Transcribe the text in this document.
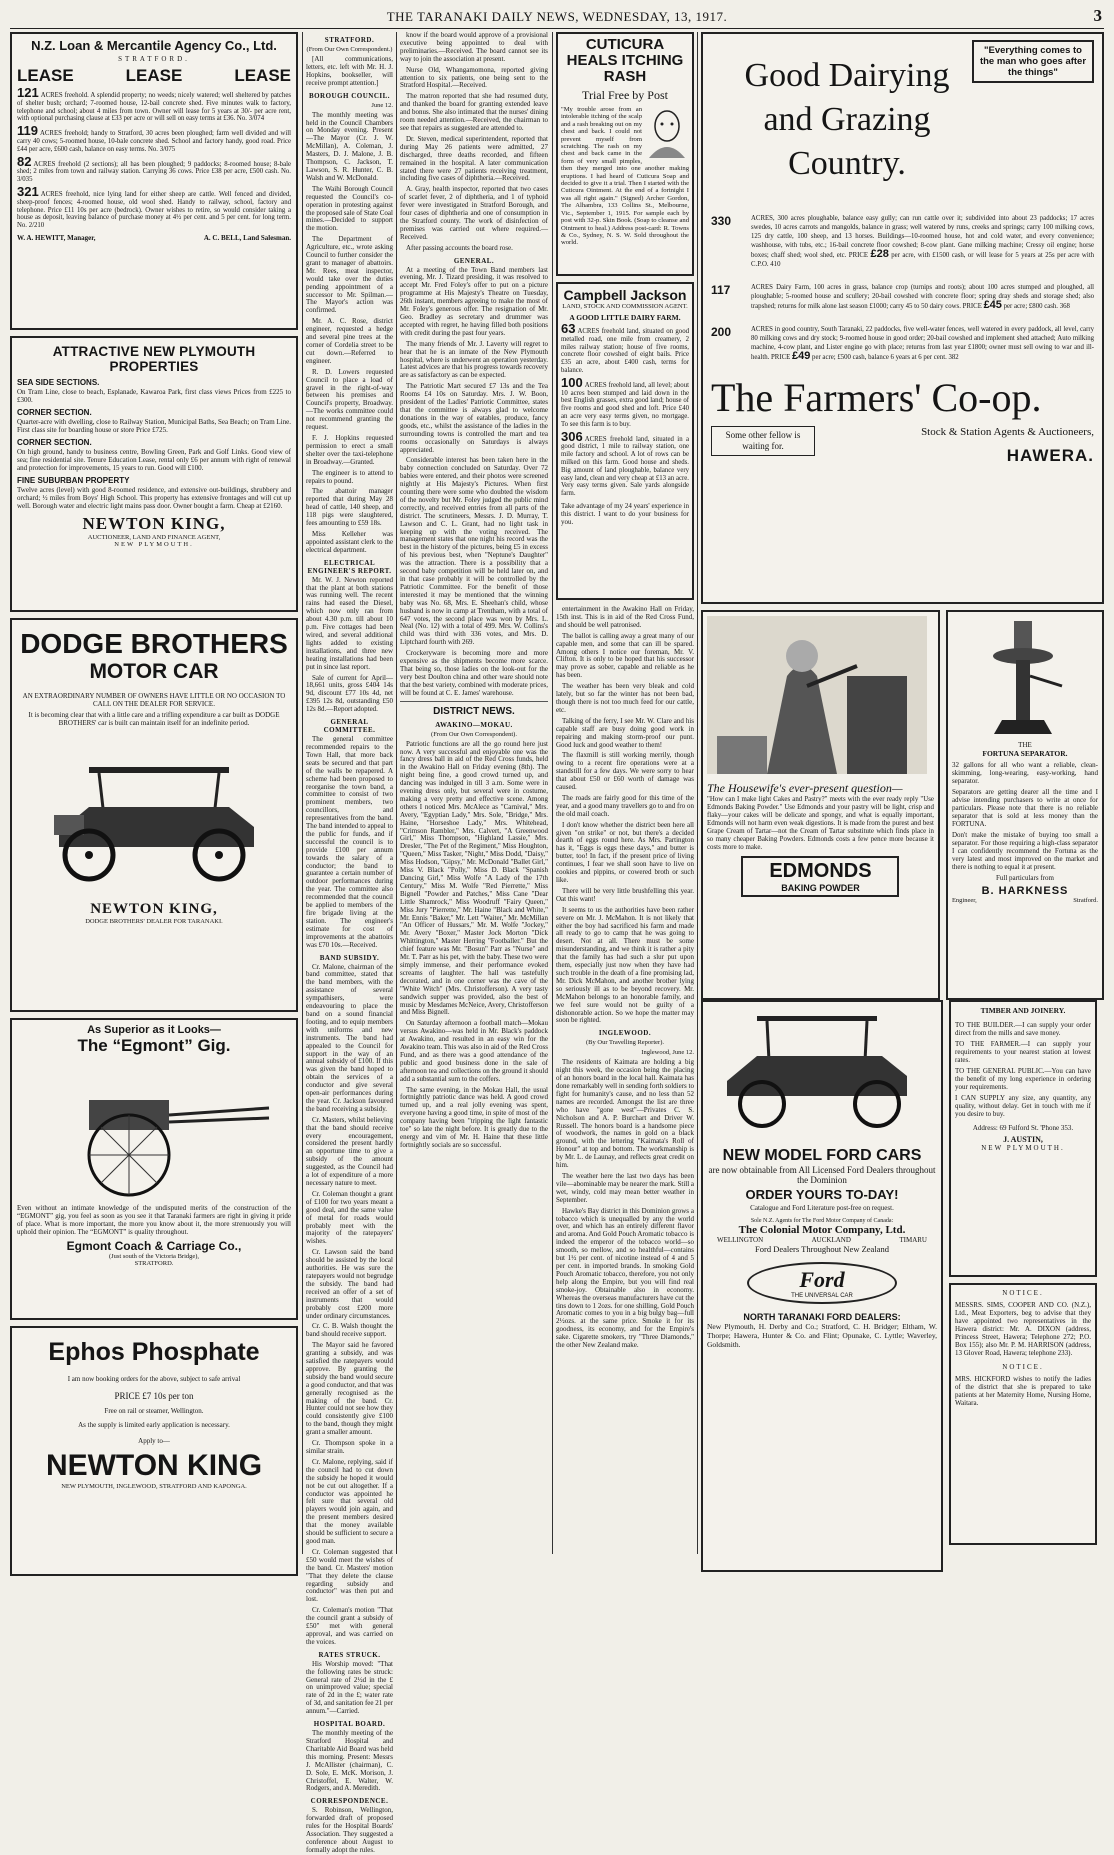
THE TARANAKI DAILY NEWS, WEDNESDAY, 13, 1917.	3
N.Z. Loan & Mercantile Agency Co., Ltd.
STRATFORD.
LEASE	LEASE	LEASE

121 ACRES freehold. A splendid property; no weeds; nicely watered; well sheltered by patches of shelter bush; orchard; 7-roomed house, 12-bail concrete shed. Five minutes walk to factory, telephone and school; about 4 miles from town. Owner will lease for 5 years at 30/- per acre rent, with optional purchasing clause at £33 per acre or will sell on easy terms at £36. No. 3/074

119 ACRES freehold; handy to Stratford, 30 acres been ploughed; farm well divided and will carry 40 cows; 5-roomed house, 10-bale concrete shed. School and factory handy, good road. Price £44 per acre, £600 cash, balance on easy terms. No. 3/075

82 ACRES freehold (2 sections); all has been ploughed; 9 paddocks; 8-roomed house; 8-bale shed; 2 miles from town and railway station. Carrying 36 cows. Price £38 per acre, £500 cash. No. 3/035

321 ACRES freehold, nice lying land for either sheep are cattle. Well fenced and divided, sheep-proof fences; 4-roomed house, old wool shed. Handy to railway, school, factory and telephone. Price £11 10s per acre (bedrock). Owner wishes to retire, so would consider taking a house as deposit, leaving balance of purchase money at 4½ per cent. and 5 per cent. for long term. No. 2/210

W. A. HEWITT, Manager,	A. C. BELL, Land Salesman.
ATTRACTIVE NEW PLYMOUTH PROPERTIES
SEA SIDE SECTIONS.

On Tram Line, close to beach, Esplanade, Kawaroa Park, first class views Prices from £225 to £300.

CORNER SECTION.

Quarter-acre with dwelling, close to Railway Station, Municipal Baths, Sea Beach; on Tram Line. First class site for boarding house or store Price £725.

CORNER SECTION.

On high ground, handy to business centre, Bowling Green, Park and Golf Links. Good view of sea; fine residential site. Tenure Education Lease, rental only £6 per annum with right of renewal and protection for improvements, 15 years to run. Good will £100.

FINE SUBURBAN PROPERTY

Twelve acres (level) with good 8-roomed residence, and extensive out-buildings, shrubbery and orchard; ½ miles from Boys' High School. This property has extensive frontages and will cut up well. Borough water and electric light mains pass door. Owner bought a farm. Cheap at £2160.

NEWTON KING,
AUCTIONEER, LAND AND FINANCE AGENT,
NEW PLYMOUTH.
DODGE BROTHERS
MOTOR CAR

AN EXTRAORDINARY NUMBER OF OWNERS HAVE LITTLE OR NO OCCASION TO CALL ON THE DEALER FOR SERVICE.

It is becoming clear that with a little care and a trifling expenditure a car built as DODGE BROTHERS' car is built can maintain itself for an indefinite period.

NEWTON KING,
DODGE BROTHERS' DEALER FOR TARANAKI.
As Superior as it Looks—
The “Egmont” Gig.

Even without an intimate knowledge of the undisputed merits of the construction of the “EGMONT” gig, you feel as soon as you see it that Taranaki farmers are right in giving it pride of place. What is more important, the more you know about it, the more strenuously you will uphold their opinion. The “EGMONT” is quality throughout.

Egmont Coach & Carriage Co.,
(Just south of the Victoria Bridge),
STRATFORD.
Ephos Phosphate

I am now booking orders for the above, subject to safe arrival

PRICE £7 10s per ton

Free on rail or steamer, Wellington.

As the supply is limited early application is necessary.

Apply to—

NEWTON KING
NEW PLYMOUTH, INGLEWOOD, STRATFORD AND KAPONGA.
STRATFORD.
(From Our Own Correspondent.)

[All communications, letters, etc. left with Mr. H. J. Hopkins, bookseller, will receive prompt attention.]

BOROUGH COUNCIL.
June 12.

The monthly meeting was held in the Council Chambers on Monday evening. Present—The Mayor (Cr. J. W. McMillan), A. Coleman, J. Masters, D. J. Malone, J. B. Thompson, C. Jackson, T. Lawson, S. R. Hunter, C. B. Walsh and W. McDonald.

The Waihi Borough Council requested the Council's co-operation in protesting against the proposed sale of State Coal mines.—Decided to support the motion.

The Department of Agriculture, etc., wrote asking Council to further consider the grant to manager of abattoirs. Mr. Rees, meat inspector, would take over the duties pending appointment of a successor to Mr. Spilman.—The Mayor's action was confirmed.

Mr. A. C. Rose, district engineer, requested a hedge and several pine trees at the corner of Cordelia street to be cut down.—Referred to engineer.

R. D. Lowers requested Council to place a load of gravel in the right-of-way between his premises and Council's property, Broadway.—The works committee could not recommend granting the request.

F. J. Hopkins requested permission to erect a small shelter over the taxi-telephone in Broadway.—Granted.

The engineer is to attend to repairs to pound.

The abattoir manager reported that during May 28 head of cattle, 140 sheep, and 118 pigs were slaughtered, fees amounting to £59 18s.

Miss Kelleher was appointed assistant clerk to the electrical department.

ELECTRICAL ENGINEER'S REPORT.

Mr. W. J. Newton reported that the plant at both stations was running well. The recent rains had eased the Diesel, which now only ran from about 4.30 p.m. till about 10 p.m. Five cottages had been wired, and several additional lights added to existing installations, and three new heating installations had been put in since last report.

Sale of current for April—18,661 units, gross £404 14s 9d, discount £77 10s 4d, net £395 12s 8d, outstanding £50 12s 8d.—Report adopted.

GENERAL COMMITTEE.

The general committee recommended repairs to the Town Hall, that more back seats be secured and that part of the walls be repapered. A scheme had been proposed to reorganise the town band, a committee to consist of two prominent members, two councillors, and representatives from the band. The band intended to appeal to the public for funds, and if successful the council is to provide £100 per annum towards the salary of a conductor; the band to guarantee a certain number of outdoor performances during the year. The committee also recommended that the council be applied to members of the fire brigade living at the station. The engineer's estimate for cost of improvements at the abattoirs was £70 10s.—Received.

BAND SUBSIDY.

Cr. Malone, chairman of the band committee, stated that the band members, with the assistance of several sympathisers, were endeavouring to place the band on a sound financial footing, and to equip members with uniforms and new instruments. The band had appealed to the Council for support in the way of an annual subsidy of £100. If this was given the band hoped to obtain the services of a conductor and give several open-air performances during the year. Cr. Jackson favoured the band receiving a subsidy.

Cr. Masters, whilst believing that the band should receive every encouragement, considered the present hardly an opportune time to give a subsidy of the amount suggested, as the Council had a lot of expenditure of a more necessary nature to meet.

Cr. Coleman thought a grant of £100 for two years meant a good deal, and the same value of metal for roads would probably meet with the majority of the ratepayers' wishes.

Cr. Lawson said the band should be assisted by the local authorities. He was sure the ratepayers would not begrudge the subsidy. The band had received an offer of a set of instruments that would probably cost £200 more under ordinary circumstances.

Cr. C. B. Walsh thought the band should receive support.

The Mayor said he favored granting a subsidy, and was satisfied the ratepayers would approve. By granting the subsidy the band would secure a good conductor, and that was generally recognised as the making of the band. Cr. Hunter could not see how they could consistently give £100 to the band, though they might grant a smaller amount.

Cr. Thompson spoke in a similar strain.

Cr. Malone, replying, said if the council had to cut down the subsidy he hoped it would not be cut out altogether. If a conductor was appointed he felt sure that several old players would join again, and the present members desired that the money available should be sufficient to secure a good man.

Cr. Coleman suggested that £50 would meet the wishes of the band. Cr. Masters' motion "That they delete the clause regarding subsidy and conductor" was then put and lost.

Cr. Coleman's motion "That the council grant a subsidy of £50" met with general approval, and was carried on the voices.

RATES STRUCK.

His Worship moved: "That the following rates be struck: General rate of 2½d in the £ on unimproved value; special rate of 2d in the £; water rate of 3d, and sanitation fee 21 per annum."—Carried.

HOSPITAL BOARD.

The monthly meeting of the Stratford Hospital and Charitable Aid Board was held this morning. Present: Messrs J. McAllister (chairman), C. D. Sole, E. McK. Morison, J. Christoffel, E. Walter, W. Rodgers, and A. Meredith.

CORRESPONDENCE.

S. Robinson, Wellington, forwarded draft of proposed rules for the Hospital Boards' Association. They suggested a conference about August to formally adopt the rules.

know if the board would approve of a provisional executive being appointed to deal with preliminaries.—Received. The board cannot see its way to join the association at present.

Nurse Old, Whangamomona, reported giving attention to six patients, one being sent to the Stratford Hospital.—Received.

The matron reported that she had resumed duty, and thanked the board for granting extended leave and bonus. She also intimated that the nurses' dining room needed attention.—Received, the chairman to see that repairs as suggested are attended to.

Dr. Steven, medical superintendent, reported that during May 26 patients were admitted, 27 discharged, three deaths recorded, and fifteen remained in the hospital. A later communication stated there were 27 patients receiving treatment, including five cases of diphtheria.—Received.

A. Gray, health inspector, reported that two cases of scarlet fever, 2 of diphtheria, and 1 of typhoid fever were investigated in Stratford Borough, and four cases of diphtheria and one of consumption in the Stratford county. The work of disinfection of premises was carried out where required.—Received.

After passing accounts the board rose.

GENERAL.

At a meeting of the Town Band members last evening, Mr. J. Tizard presiding, it was resolved to accept Mr. Fred Foley's offer to put on a picture programme at His Majesty's Theatre on Tuesday, 26th instant, members agreeing to make the most of Mr. Foley's generous offer. The resignation of Mr. Geo. Bradley as secretary and drummer was accepted with regret, he having filled both positions with credit during the past four years.

The many friends of Mr. J. Laverty will regret to hear that he is an inmate of the New Plymouth hospital, where is underwent an operation yesterday. Latest advices are that his progress towards recovery are as satisfactory as can be expected.

The Patriotic Mart secured £7 13s and the Tea Rooms £4 10s on Saturday. Mrs. J. W. Boon, president of the Ladies' Patriotic Committee, states that the committee is always glad to welcome donations in the way of eatables, produce, fancy goods, etc., whilst the assistance of the ladies in the surrounding towns is controlled the mart and tea rooms occasionally on Saturdays is always appreciated.

Considerable interest has been taken here in the baby connection concluded on Saturday. Over 72 babies were entered, and their photos were screened nightly at His Majesty's Pictures. When first counting there were some who doubted the wisdom of the novelty but Mr. Foley judged the public mind correctly, and received entries from all parts of the district. The scrutineers, Messrs. J. D. Murray, T. Lawson and C. L. Grant, had no light task in keeping up with the voting received. The management states that one night his record was the best in the history of the pictures, being £5 in excess of his previous best, when "Neptune's Daughter" was the attraction. There is a possibility that a second baby competition will be held later on, and in that case probably it will be controlled by the Patriotic Committee. For the benefit of those interested it may be mentioned that the winning baby was No. 68, Mrs. E. Sheehan's child, whose husband is now in camp at Trentham, with a total of 647 votes, the second place was won by Mrs. L. Neal (No. 12) with a total of 499. Mrs. W. Collins's child was third with 336 votes, and Mrs. D. Liptchard fourth with 269.

Crockeryware is becoming more and more expensive as the shipments become more scarce. That being so, those ladies on the look-out for the very best Doulton china and other ware should note that the best variety, combined with moderate prices, will be found at C. E. James' warehouse.

DISTRICT NEWS.
AWAKINO—MOKAU.
(From Our Own Correspondent).

Patriotic functions are all the go round here just now. A very successful and enjoyable one was the fancy dress ball in aid of the Red Cross funds, held in the Awakino Hall on Friday evening (8th). The night being fine, a good crowd turned up, and dancing was indulged in till 3 a.m. Some were in evening dress only, but several were in costume, making a very pretty and effective scene. Among others I noticed Mrs. McAlece as "Carnival," Mrs. Avery, "Egyptian Lady," Mrs. Sole, "Bridge," Mrs. Haine, "Horseshoe Lady," Mrs. Whitehead, "Crimson Rambler," Mrs. Calvert, "A Greenwood Girl," Miss Thompson, "Highland Lassie," Mrs. Dresler, "The Pet of the Regiment," Miss Houghton, "Queen," Miss Tasker, "Night," Miss Dodd, "Daisy," Miss Hodson, "Gipsy," Mr. McDonald "Ballet Girl," Miss V. Black "Polly," Miss D. Black "Spanish Dancing Girl," Miss Wolfe "A Lady of the 17th Century," Miss M. Wolfe "Red Pierrette," Miss Bignell "Powder and Patches," Miss Cane "Dear Little Shamrock," Miss Woodruff "Fairy Queen," Miss Jury "Pierrette," Mr. Haine "Black and White," Mr. Ennis "Baker," Mr. Lett "Waiter," Mr. McMillan "An Officer of Hussars," Mr. M. Wolfe "Jockey," Mr. Avery "Boxer," Master Jock Morton "Dick Whittington," Master Herring "Footballer." But the chief feature was Mr. "Bosun" Parr as "Nurse" and Mr. T. Parr as his pet, with the baby. These two were simply immense, and their performance evoked screams of laughter. The hall was tastefully decorated, and in one corner was the cave of the "White Witch" (Mrs. Christofferson). A very tasty sandwich supper was provided, also the best of music by Mesdames McNeice, Avery, Christofferson and Miss Bignell.

On Saturday afternoon a football match—Mokau versus Awakino—was held in Mr. Black's paddock at Awakino, and resulted in an easy win for the Awakino team. This was also in aid of the Red Cross Fund, and as there was a good attendance of the public and good business done in the sale of afternoon tea and collections on the ground it should add a substantial sum to the coffers.

The same evening, in the Mokau Hall, the usual fortnightly patriotic dance was held. A good crowd turned up, and a real jolly evening was spent, everyone having a good time, in spite of most of the company having been "tripping the light fantastic toe" so late the night before. It is greatly due to the energy and vim of Mr. H. Haine that these little fortnightly socials are so successful.

CUTICURA HEALS ITCHING RASH
Trial Free by Post

"My trouble arose from an intolerable itching of the scalp and a rash breaking out on my chest and back. I could not prevent myself from scratching. The rash on my chest and back came in the form of very small pimples, then they merged into one another making eruptions. I had heard of Cuticura Soap and decided to give it a trial. Then I started with the Cuticura Ointment. At the end of a fortnight I was all right again." (Signed) Archer Gordon, The Alhambra, 133 Collins St., Melbourne, Vic., September 1, 1915. For sample each by post with 32-p. Skin Book. (Soap to cleanse and Ointment to heal.) Address post-card: R. Towns & Co., Sydney, N. S. W. Sold throughout the world.

Campbell Jackson
LAND, STOCK AND COMMISSION AGENT.
A GOOD LITTLE DAIRY FARM.

63 ACRES freehold land, situated on good metalled road, one mile from creamery, 2 miles railway station; house of five rooms, concrete floor cowshed of eight bails. Price £35 an acre, about £400 cash, terms for balance.

100 ACRES freehold land, all level; about 10 acres been stumped and laid down in the best English grasses, extra good land; house of five rooms and good shed and loft. Price £40 an acre very easy terms given, no mortgage. To see this farm is to buy.

306 ACRES freehold land, situated in a good district, 1 mile to railway station, one mile factory and school. A lot of rows can be milked on this farm. Good house and sheds. Big amount of land ploughable, balance very easy land, clean and very cheap at £13 an acre. Very easy terms given. Sale yards alongside farm.

Take advantage of my 24 years' experience in this district. I want to do your business for you.

entertainment in the Awakino Hall on Friday, 15th inst. This is in aid of the Red Cross Fund, and should be well patronised.

The ballot is calling away a great many of our capable men, and some that can ill be spared. Among others I notice our foreman, Mr. V. Clifton. It is only to be hoped that his successor may prove as sober, capable and reliable as he has been.

The weather has been very bleak and cold lately, but so far the winter has not been bad, though there is not too much feed for our cattle, etc.

Talking of the ferry, I see Mr. W. Clare and his capable staff are busy doing good work in repairing and making storm-proof our punt. Good luck and good weather to them!

The flaxmill is still working merrily, though owing to a recent fire operations were at a standstill for a few days. We were sorry to hear that about £50 or £60 worth of damage was caused.

The roads are fairly good for this time of the year, and a good many travellers go to and fro on the old mail coach.

I don't know whether the district been here all given "on strike" or not, but there's a decided dearth of eggs round here. As Mrs. Partington has it, "Eggs is eggs these days," and butter is butter, too! In fact, if the present price of living continues, I fear we shall soon have to live on cookies and pippins, or cowered broth or such like.

There will be very little brushfelling this year. Oat this want!

It seems to us the authorities have been rather severe on Mr. J. McMahon. It is not likely that either the boy had sacrificed his farm and made all ready to go to camp that he was going to desert. Not at all. There must be some misunderstanding, and we think it is rather a pity that the family has had such a slur put upon them, especially just now when they have had such trouble in the death of a fine promising lad, Mr. Dick McMahon, and another brother lying so seriously ill as to be beyond recovery. Mr. McMahon belongs to an honorable family, and we feel sure would not be guilty of a dishonorable action. So we hope the matter may soon be righted.

INGLEWOOD.
(By Our Travelling Reporter).
Inglewood, June 12.

The residents of Kaimata are holding a big night this week, the occasion being the placing of an honors board in the local hall. Kaimata has done remarkably well in sending forth soldiers to fight for humanity's cause, and no less than 52 names are recorded. Amongst the list are three who have "gone west"—Privates C. S. Nicholson and A. P. Burchart and Driver W. Russell. The honors board is a handsome piece of woodwork, the names in gold on a black ground, with the lettering "Kaimata's Roll of Honour" at top and bottom. The workmanship is by Mr. L. de Launay, and reflects great credit on him.

The weather here the last two days has been vile—abominable may be nearer the mark. Still a wet, windy, cold may mean better weather in September.

Hawke's Bay district in this Dominion grows a tobacco which is unequalled by any the world over, and which has an entirely different flavor and aroma. And Gold Pouch Aromatic tobacco is indeed the emperor of the tobacco world—so smooth, so mellow, and so healthful—contains but 1½ per cent. of nicotine instead of 4 and 5 per cent. in imported brands. In smoking Gold Pouch Aromatic tobacco, therefore, you not only help along the Empire, but you will find real smoke-joy. Obtainable also in economy. Whereas the overseas manufacturers have cut the tins down to 1 2ozs. for one shilling, Gold Pouch Aromatic comes to you in a big bulgy bag—full 2½ozs. at the same price. Smoke it for its goodness, its economy, and for the Empire's sake. Cigarette smokers, try "Three Diamonds," the other New Zealand make.

"Everything comes to the man who goes after the things"
Good Dairying and Grazing Country.
330	ACRES, 300 acres ploughable, balance easy gully; can run cattle over it; subdivided into about 23 paddocks; 17 acres swedes, 10 acres carrots and mangolds, balance in grass; well watered by runs, creeks and springs; carry 100 milking cows, 125 dry cattle, 100 sheep, and 13 horses. Buildings—10-roomed house, hot and cold water, and every convenience; washhouse, with tubs, etc.; 16-bail concrete floor cowshed; 8-cow plant. Gane milking machine; Cressy oil engine; horse boxes; chaff shed; wool shed, etc. PRICE £28 per acre, with £1500 cash, or will lease for 5 years at 25s per acre with C.P.O. 410

117	ACRES Dairy Farm, 100 acres in grass, balance crop (turnips and roots); about 100 acres stumped and ploughed, all ploughable; 5-roomed house and scullery; 20-bail cowshed with concrete floor; spring dray sheds and storage shed; also trapshed; returns for milk alone last season £1000; carry 45 to 50 dairy cows. PRICE £45 per acre; £800 cash. 368

200	ACRES in good country, South Taranaki, 22 paddocks, five well-water fences, well watered in every paddock, all level, carry 80 milking cows and dry stock; 9-roomed house in good order; 20-bail cowshed and implement shed attached; Auto milking machine, 4-cow plant, and Lister engine go with place; returns from last year £1800; owner must sell owing to war and ill-health. PRICE £49 per acre; £500 cash, balance 6 years at 6 per cent. 382

The Farmers' Co-op.
Some other fellow is waiting for.
Stock & Station Agents & Auctioneers,
HAWERA.
The Housewife's ever-present question—

"How can I make light Cakes and Pastry?" meets with the ever ready reply "Use Edmonds Baking Powder." Use Edmonds and your pastry will be light, crisp and flaky—your cakes will be delicate and spongy, and what is equally important, Edmonds will not harm even weak digestions. It is made from the purest and best Grape Cream of Tartar—not the Cream of Tartar substitute which finds place in so many cheaper Baking Powders. Edmonds costs a few pence more because it costs more to make.

EDMONDS
BAKING POWDER
THE
FORTUNA SEPARATOR.

32 gallons for all who want a reliable, clean-skimming, long-wearing, easy-working, hand separator.

Separators are getting dearer all the time and I advise intending purchasers to write at once for particulars. Please note that there is no reliable separator that is sold at less money than the FORTUNA.

Don't make the mistake of buying too small a separator. For those requiring a high-class separator I can confidently recommend the Fortuna as the very latest and most improved on the market and there is nothing to equal it at present.

Full particulars from

B. HARKNESS
Engineer,	Stratford.
NEW MODEL FORD CARS
are now obtainable from All Licensed Ford Dealers throughout the Dominion
ORDER YOURS TO-DAY!
Catalogue and Ford Literature post-free on request.
Sole N.Z. Agents for The Ford Motor Company of Canada:
The Colonial Motor Company, Ltd.
WELLINGTON	AUCKLAND	TIMARU
Ford Dealers Throughout New Zealand
Ford
THE UNIVERSAL CAR
NORTH TARANAKI FORD DEALERS:

New Plymouth, H. Derby and Co.; Stratford, C. H. Bridger; Eltham, W. Thorpe; Hawera, Hunter & Co. and Flint; Opunake, C. Lyttle; Waverley, Goldsmith.

TIMBER AND JOINERY.

TO THE BUILDER.—I can supply your order direct from the mills and save money.

TO THE FARMER.—I can supply your requirements to your nearest station at lowest rates.

TO THE GENERAL PUBLIC.—You can have the benefit of my long experience in ordering your requirements.

I CAN SUPPLY any size, any quantity, any quality, without delay. Get in touch with me if you desire to buy.

Address: 69 Fulford St. 'Phone 353.

J. AUSTIN,
NEW PLYMOUTH.
NOTICE.

MESSRS. SIMS, COOPER AND CO. (N.Z.), Ltd., Meat Exporters, beg to advise that they have appointed two representatives in the Hawera district: Mr. A. DIXON (address, Princess Street, Hawera; Telephone 272; P.O. Box 155); also Mr. P. M. HARRISON (address, 13 Glover Road, Hawera; telephone 233).

NOTICE.

MRS. HICKFORD wishes to notify the ladies of the district that she is prepared to take patients at her Maternity Home, Nursing Home, Waitara.
